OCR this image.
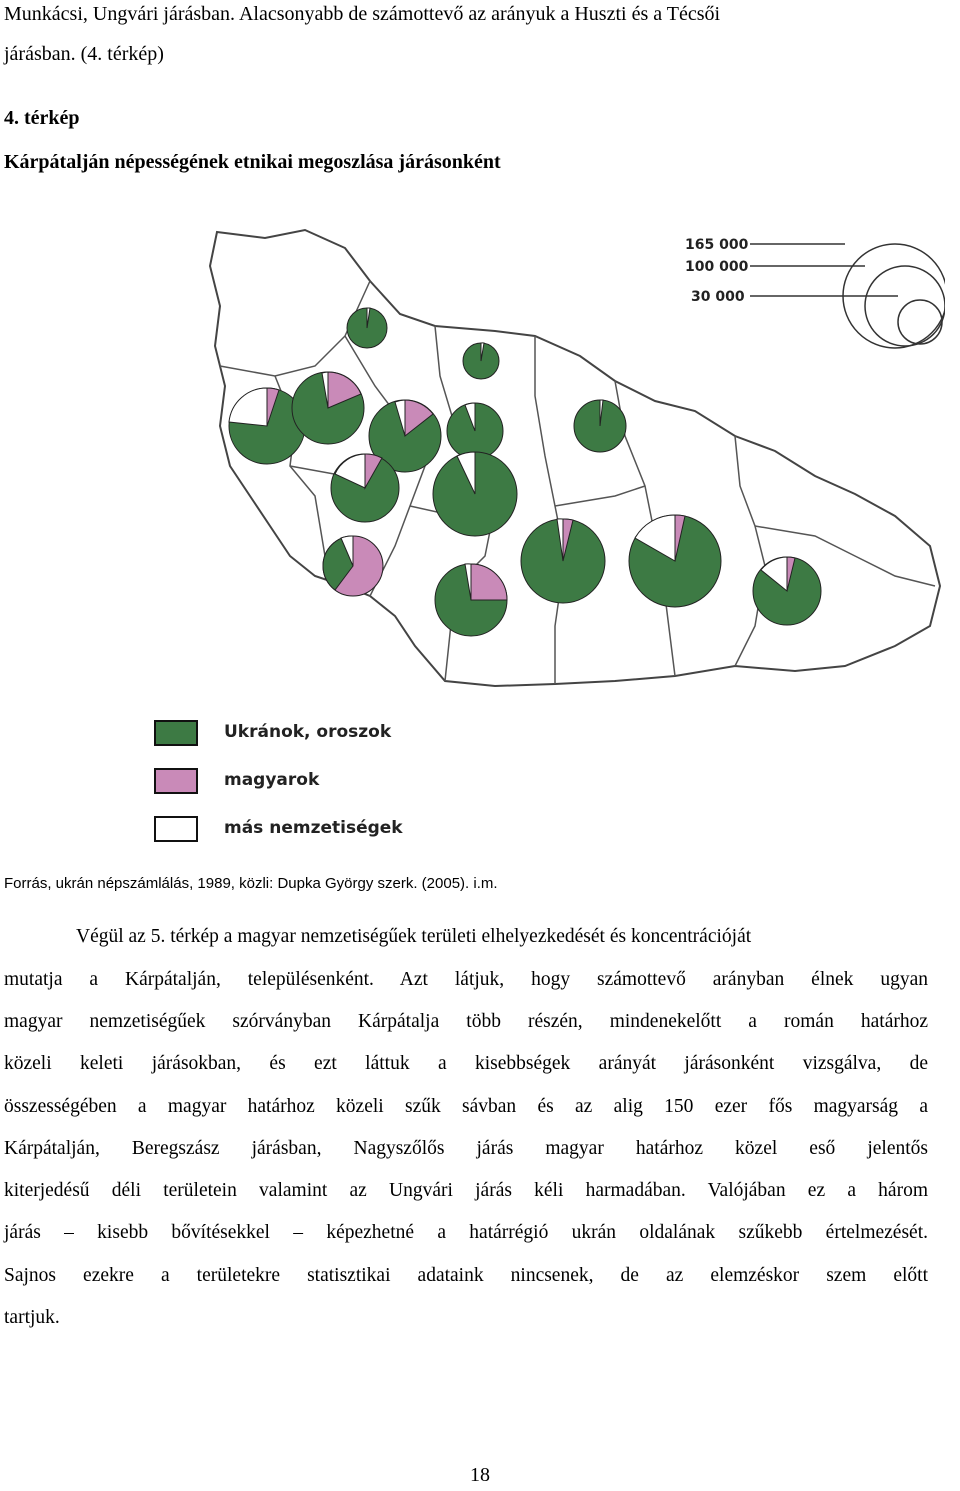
Munkácsi, Ungvári járásban. Alacsonyabb de számottevő az arányuk a Huszti és a Técsői
járásban. (4. térkép)
4. térkép
Kárpátalján népességének etnikai megoszlása járásonként
165 000
100 000
30 000
Ukránok, oroszok
magyarok
más nemzetiségek
Forrás, ukrán népszámlálás, 1989, közli: Dupka György szerk. (2005). i.m.
Végül az 5. térkép a magyar nemzetiségűek területi elhelyezkedését és koncentrációját
mutatja a Kárpátalján, településenként. Azt látjuk, hogy számottevő arányban élnek ugyan
magyar nemzetiségűek szórványban Kárpátalja több részén, mindenekelőtt a román határhoz
közeli keleti járásokban, és ezt láttuk a kisebbségek arányát járásonként vizsgálva, de
összességében a magyar határhoz közeli szűk sávban és az alig 150 ezer fős magyarság a
Kárpátalján, Beregszász járásban, Nagyszőlős járás magyar határhoz közel eső jelentős
kiterjedésű déli területein valamint az Ungvári járás kéli harmadában. Valójában ez a három
járás – kisebb bővítésekkel – képezhetné a határrégió ukrán oldalának szűkebb értelmezését.
Sajnos ezekre a területekre statisztikai adataink nincsenek, de az elemzéskor szem előtt
tartjuk.
18
